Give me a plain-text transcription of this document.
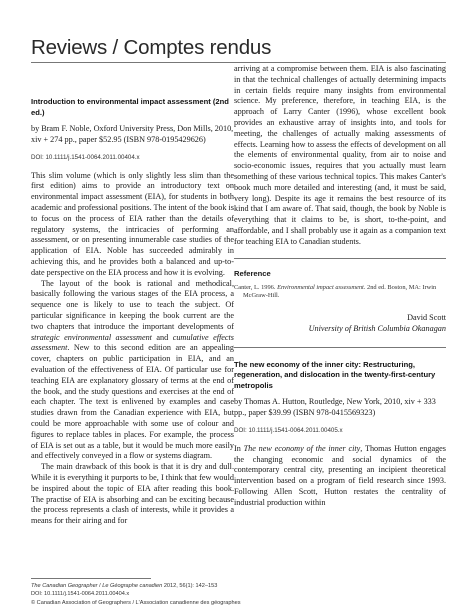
Reviews / Comptes rendus
Introduction to environmental impact assessment (2nd ed.)
by Bram F. Noble, Oxford University Press, Don Mills, 2010, xiv + 274 pp., paper $52.95 (ISBN 978-0195429626)
DOI: 10.1111/j.1541-0064.2011.00404.x

This slim volume (which is only slightly less slim than the first edition) aims to provide an introductory text on environmental impact assessment (EIA), for students in both academic and professional positions. The intent of the book is to focus on the process of EIA rather than the details of regulatory systems, the intricacies of performing an assessment, or on presenting innumerable case studies of the application of EIA. Noble has succeeded admirably in achieving this, and he provides both a balanced and up-to-date perspective on the EIA process and how it is evolving.

The layout of the book is rational and methodical, basically following the various stages of the EIA process, a sequence one is likely to use to teach the subject. Of particular significance in keeping the book current are the two chapters that introduce the important developments of strategic environmental assessment and cumulative effects assessment. New to this second edition are an appealing cover, chapters on public participation in EIA, and an evaluation of the effectiveness of EIA. Of particular use for teaching EIA are explanatory glossary of terms at the end of the book, and the study questions and exercises at the end of each chapter. The text is enlivened by examples and case studies drawn from the Canadian experience with EIA, but could be more approachable with some use of colour and figures to replace tables in places. For example, the process of EIA is set out as a table, but it would be much more easily and effectively conveyed in a flow or systems diagram.

The main drawback of this book is that it is dry and dull. While it is everything it purports to be, I think that few would be inspired about the topic of EIA after reading this book. The practise of EIA is absorbing and can be exciting because the process represents a clash of interests, while it provides a means for their airing and for

arriving at a compromise between them. EIA is also fascinating in that the technical challenges of actually determining impacts in certain fields require many insights from environmental science. My preference, therefore, in teaching EIA, is the approach of Larry Canter (1996), whose excellent book provides an exhaustive array of insights into, and tools for meeting, the challenges of actually making assessments of effects. Learning how to assess the effects of development on all the elements of environmental quality, from air to noise and socio-economic issues, requires that you actually must learn something of these various technical topics. This makes Canter's book much more detailed and interesting (and, it must be said, very long). Despite its age it remains the best resource of its kind that I am aware of. That said, though, the book by Noble is everything that it claims to be, is short, to-the-point, and affordable, and I shall probably use it again as a companion text for teaching EIA to Canadian students.

Reference
Canter, L. 1996. Environmental impact assessment. 2nd ed. Boston, MA: Irwin McGraw-Hill.
David Scott
University of British Columbia Okanagan
The new economy of the inner city: Restructuring, regeneration, and dislocation in the twenty-first-century metropolis
by Thomas A. Hutton, Routledge, New York, 2010, xiv + 333 pp., paper $39.99 (ISBN 978-0415569323)
DOI: 10.1111/j.1541-0064.2011.00405.x

In The new economy of the inner city, Thomas Hutton engages the changing economic and social dynamics of the contemporary central city, presenting an incipient theoretical intervention based on a program of field research since 1993. Following Allen Scott, Hutton restates the centrality of industrial production within

The Canadian Geographer / Le Géographe canadien 2012, 56(1): 142–153
DOI: 10.1111/j.1541-0064.2011.00404.x
© Canadian Association of Geographers / L'Association canadienne des géographes
